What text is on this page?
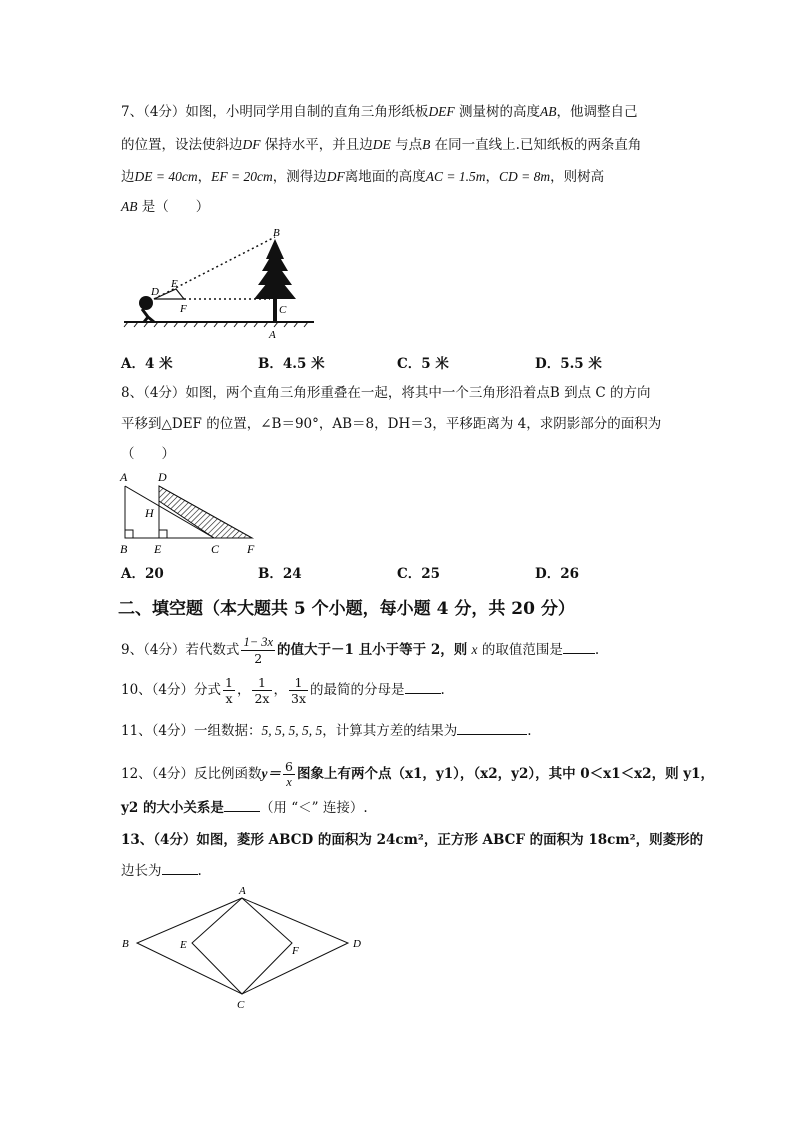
7、（4分）如图，小明同学用自制的直角三角形纸板DEF 测量树的高度AB，他调整自己
的位置，设法使斜边DF 保持水平，并且边DE 与点B 在同一直线上.已知纸板的两条直角
边DE = 40cm，EF = 20cm，测得边DF离地面的高度AC = 1.5m，CD = 8m，则树高
AB 是（　　）
B
E
D
F	C
A
A．4 米	B．4.5 米	C．5 米	D．5.5 米
8、（4分）如图，两个直角三角形重叠在一起，将其中一个三角形沿着点B 到点 C 的方向
平移到△DEF 的位置，∠B＝90°，AB＝8，DH＝3，平移距离为 4，求阴影部分的面积为
（　　）
A	D
H
B E	C F
A．20	B．24	C．25	D．26
二、填空题（本大题共 5 个小题，每小题 4 分，共 20 分）
9、（4分）若代数式 $\frac{1- 3x}{2}$ 的值大于－1 且小于等于 2，则 x 的取值范围是 .
10、（4分）分式 $\frac{1}{x}$ ， $\frac{1}{2x}$ ， $\frac{1}{3x}$ 的最简的分母是	.
11、（4分）一组数据：5, 5, 5, 5, 5，计算其方差的结果为	.
12、（4分）反比例函数$y= \frac{6}{x}$ 图象上有两个点（x1，y1），（x2，y2），其中 0＜x1＜x2，则 y1，
y2 的大小关系是	（用 “＜” 连接）.
13、（4分）如图，菱形 ABCD 的面积为 24cm²，正方形 ABCF 的面积为 18cm²，则菱形的
边长为	.
A
B
C
D
E	F
